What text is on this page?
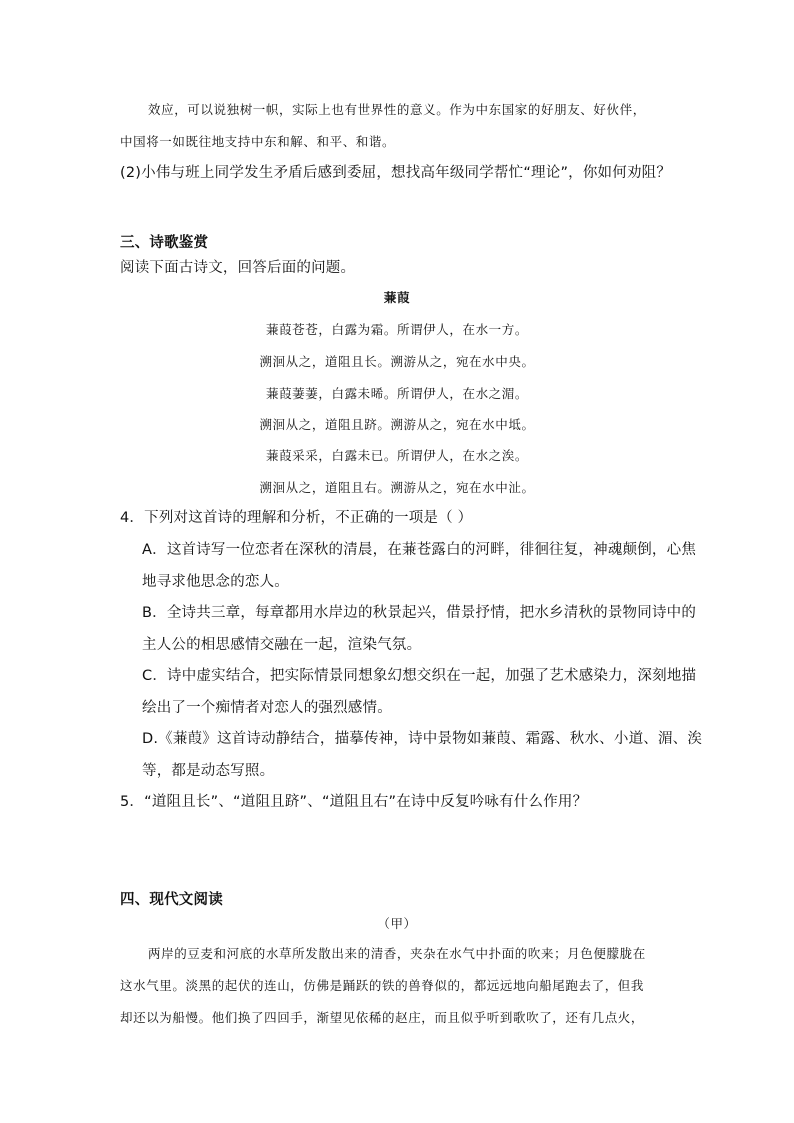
效应，可以说独树一帜，实际上也有世界性的意义。作为中东国家的好朋友、好伙伴，
中国将一如既往地支持中东和解、和平、和谐。
(2)小伟与班上同学发生矛盾后感到委屈，想找高年级同学帮忙“理论”，你如何劝阻？
三、诗歌鉴赏
阅读下面古诗文，回答后面的问题。
蒹葭
蒹葭苍苍，白露为霜。所谓伊人，在水一方。
溯洄从之，道阻且长。溯游从之，宛在水中央。
蒹葭萋萋，白露未晞。所谓伊人，在水之湄。
溯洄从之，道阻且跻。溯游从之，宛在水中坻。
蒹葭采采，白露未已。所谓伊人，在水之涘。
溯洄从之，道阻且右。溯游从之，宛在水中沚。
4．下列对这首诗的理解和分析，不正确的一项是（ ）
A．这首诗写一位恋者在深秋的清晨，在蒹苍露白的河畔，徘徊往复，神魂颠倒，心焦
地寻求他思念的恋人。
B．全诗共三章，每章都用水岸边的秋景起兴，借景抒情，把水乡清秋的景物同诗中的
主人公的相思感情交融在一起，渲染气氛。
C．诗中虚实结合，把实际情景同想象幻想交织在一起，加强了艺术感染力，深刻地描
绘出了一个痴情者对恋人的强烈感情。
D.《蒹葭》这首诗动静结合，描摹传神，诗中景物如蒹葭、霜露、秋水、小道、湄、涘
等，都是动态写照。
5．“道阻且长”、“道阻且跻”、“道阻且右”在诗中反复吟咏有什么作用？
四、现代文阅读
（甲）
两岸的豆麦和河底的水草所发散出来的清香，夹杂在水气中扑面的吹来；月色便朦胧在
这水气里。淡黑的起伏的连山，仿佛是踊跃的铁的兽脊似的，都远远地向船尾跑去了，但我
却还以为船慢。他们换了四回手，渐望见依稀的赵庄，而且似乎听到歌吹了，还有几点火，
